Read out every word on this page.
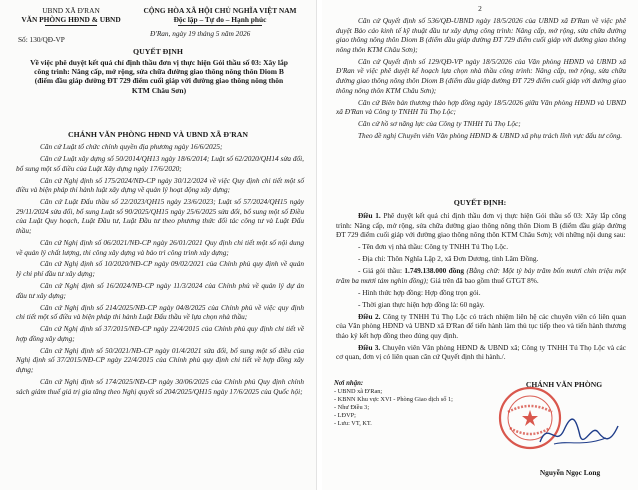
UBND XÃ Đ'RAN
VĂN PHÒNG HĐND & UBND
Số: 130/QĐ-VP
CỘNG HÒA XÃ HỘI CHỦ NGHĨA VIỆT NAM
Độc lập – Tự do – Hạnh phúc
Đ'Ran, ngày 19 tháng 5 năm 2026
QUYẾT ĐỊNH
Về việc phê duyệt kết quả chỉ định thầu đơn vị thực hiện Gói thầu số 03: Xây lắp công trình: Nâng cấp, mở rộng, sửa chữa đường giao thông nông thôn Diom B (điểm đầu giáp đường ĐT 729 điểm cuối giáp với đường giao thông nông thôn KTM Châu Sơn)
CHÁNH VĂN PHÒNG HĐND VÀ UBND XÃ Đ'RAN

Căn cứ Luật tổ chức chính quyền địa phương ngày 16/6/2025;

Căn cứ Luật xây dựng số 50/2014/QH13 ngày 18/6/2014; Luật số 62/2020/QH14 sửa đổi, bổ sung một số điều của Luật Xây dựng ngày 17/6/2020;

Căn cứ Nghị định số 175/2024/NĐ-CP ngày 30/12/2024 về việc Quy định chi tiết một số điều và biện pháp thi hành luật xây dựng về quản lý hoạt động xây dựng;

Căn cứ Luật Đấu thầu số 22/2023/QH15 ngày 23/6/2023; Luật số 57/2024/QH15 ngày 29/11/2024 sửa đổi, bổ sung Luật số 90/2025/QH15 ngày 25/6/2025 sửa đổi, bổ sung một số Điều của Luật Quy hoạch, Luật Đầu tư, Luật Đầu tư theo phương thức đối tác công tư và Luật Đấu thầu;

Căn cứ Nghị định số 06/2021/NĐ-CP ngày 26/01/2021 Quy định chi tiết một số nội dung về quản lý chất lượng, thi công xây dựng và bảo trì công trình xây dựng;

Căn cứ Nghị định số 10/2020/NĐ-CP ngày 09/02/2021 của Chính phủ quy định về quản lý chi phí đầu tư xây dựng;

Căn cứ Nghị định số 16/2024/NĐ-CP ngày 11/3/2024 của Chính phủ về quản lý dự án đầu tư xây dựng;

Căn cứ Nghị định số 214/2025/NĐ-CP ngày 04/8/2025 của Chính phủ về việc quy định chi tiết một số điều và biện pháp thi hành Luật Đấu thầu về lựa chọn nhà thầu;

Căn cứ Nghị định số 37/2015/NĐ-CP ngày 22/4/2015 của Chính phủ quy định chi tiết về hợp đồng xây dựng;

Căn cứ Nghị định số 50/2021/NĐ-CP ngày 01/4/2021 sửa đổi, bổ sung một số điều của Nghị định số 37/2015/NĐ-CP ngày 22/4/2015 của Chính phủ quy định chi tiết về hợp đồng xây dựng;

Căn cứ Nghị định số 174/2025/NĐ-CP ngày 30/06/2025 của Chính phủ Quy định chính sách giảm thuế giá trị gia tăng theo Nghị quyết số 204/2025/QH15 ngày 17/6/2025 của Quốc hội;

2

Căn cứ Quyết định số 536/QĐ-UBND ngày 18/5/2026 của UBND xã Đ'Ran về việc phê duyệt Báo cáo kinh tế kỹ thuật đầu tư xây dựng công trình: Nâng cấp, mở rộng, sửa chữa đường giao thông nông thôn Diom B (điểm đầu giáp đường ĐT 729 điểm cuối giáp với đường giao thông nông thôn KTM Châu Sơn);

Căn cứ Quyết định số 129/QĐ-VP ngày 18/5/2026 của Văn phòng HĐND và UBND xã Đ'Ran về việc phê duyệt kế hoạch lựa chọn nhà thầu công trình: Nâng cấp, mở rộng, sửa chữa đường giao thông nông thôn Diom B (điểm đầu giáp đường ĐT 729 điểm cuối giáp với đường giao thông nông thôn KTM Châu Sơn);

Căn cứ Biên bản thương thảo hợp đồng ngày 18/5/2026 giữa Văn phòng HĐND và UBND xã Đ'Ran và Công ty TNHH Tú Thọ Lộc;

Căn cứ hồ sơ năng lực của Công ty TNHH Tú Thọ Lộc;

Theo đề nghị Chuyên viên Văn phòng HĐND & UBND xã phụ trách lĩnh vực đấu tư công.

QUYẾT ĐỊNH:

Điều 1. Phê duyệt kết quả chỉ định thầu đơn vị thực hiện Gói thầu số 03: Xây lắp công trình: Nâng cấp, mở rộng, sửa chữa đường giao thông nông thôn Diom B (điểm đầu giáp đường ĐT 729 điểm cuối giáp với đường giao thông nông thôn KTM Châu Sơn); với những nội dung sau:

- Tên đơn vị nhà thầu: Công ty TNHH Tú Thọ Lộc.

- Địa chỉ: Thôn Nghĩa Lập 2, xã Đơn Dương, tỉnh Lâm Đồng.

- Giá gói thầu: 1.749.138.000 đồng (Bằng chữ: Một tỷ bảy trăm bốn mươi chín triệu một trăm ba mươi tám nghìn đồng); Giá trên đã bao gồm thuế GTGT 8%.

- Hình thức hợp đồng: Hợp đồng trọn gói.

- Thời gian thực hiện hợp đồng là: 60 ngày.

Điều 2. Công ty TNHH Tú Thọ Lộc có trách nhiệm liên hệ các chuyên viên có liên quan của Văn phòng HĐND và UBND xã Đ'Ran để tiến hành làm thủ tục tiếp theo và tiến hành thương thảo ký kết hợp đồng theo đúng quy định.

Điều 3. Chuyên viên Văn phòng HĐND & UBND xã; Công ty TNHH Tú Thọ Lộc và các cơ quan, đơn vị có liên quan căn cứ Quyết định thi hành./.

Nơi nhận:
- UBND xã Đ'Ran;
- KBNN Khu vực XVI - Phòng Giao dịch số 1;
- Như Điều 3;
- LĐVP;
- Lưu: VT, KT.
CHÁNH VĂN PHÒNG
Nguyễn Ngọc Long
